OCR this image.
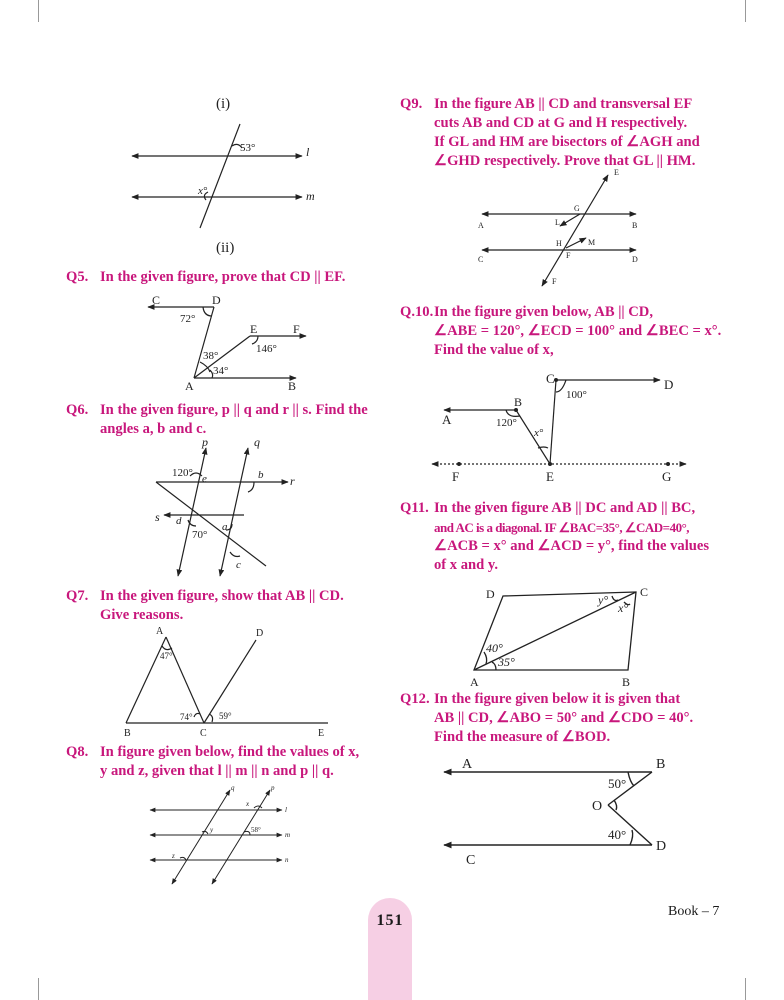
(i)
(ii)
53°
x°
l
m
Q5. In the given figure, prove that CD || EF.
C	D
E	F
A	B
72°
146°
38°
34°
Q6. In the given figure, p || q and r || s. Find the
angles a, b and c.
p	q
r
s
120°
70°
e	b
d	a
c
Q7. In the given figure, show that AB || CD.
Give reasons.
A	D
B	C	E
47°
74°	59°
Q8. In figure given below, find the values of x,
y and z, given that l || m || n and p || q.
q	p
l
m
n
x
y
z
58°
Q9. In the figure AB || CD and transversal EF
cuts AB and CD at G and H respectively.
If GL and HM are bisectors of ∠AGH and
∠GHD respectively. Prove that GL || HM.
E
G
A	B
L
H	M
C	D
F
F
Q.10. In the figure given below, AB || CD,
∠ABE = 120°, ∠ECD = 100° and ∠BEC = x°.
Find the value of x,
C	D
B
A
100°
120°
x°
F	E	G
Q11. In the given figure AB || DC and AD || BC,
and AC is a diagonal. IF ∠BAC=35°, ∠CAD=40°,
∠ACB = x° and ∠ACD = y°, find the values
of x and y.
D	C
A	B
y°
x°
40°
35°
Q12. In the figure given below it is given that
AB || CD, ∠ABO = 50° and ∠CDO = 40°.
Find the measure of ∠BOD.
A	B
O
C
D
50°
40°
151
Book – 7
